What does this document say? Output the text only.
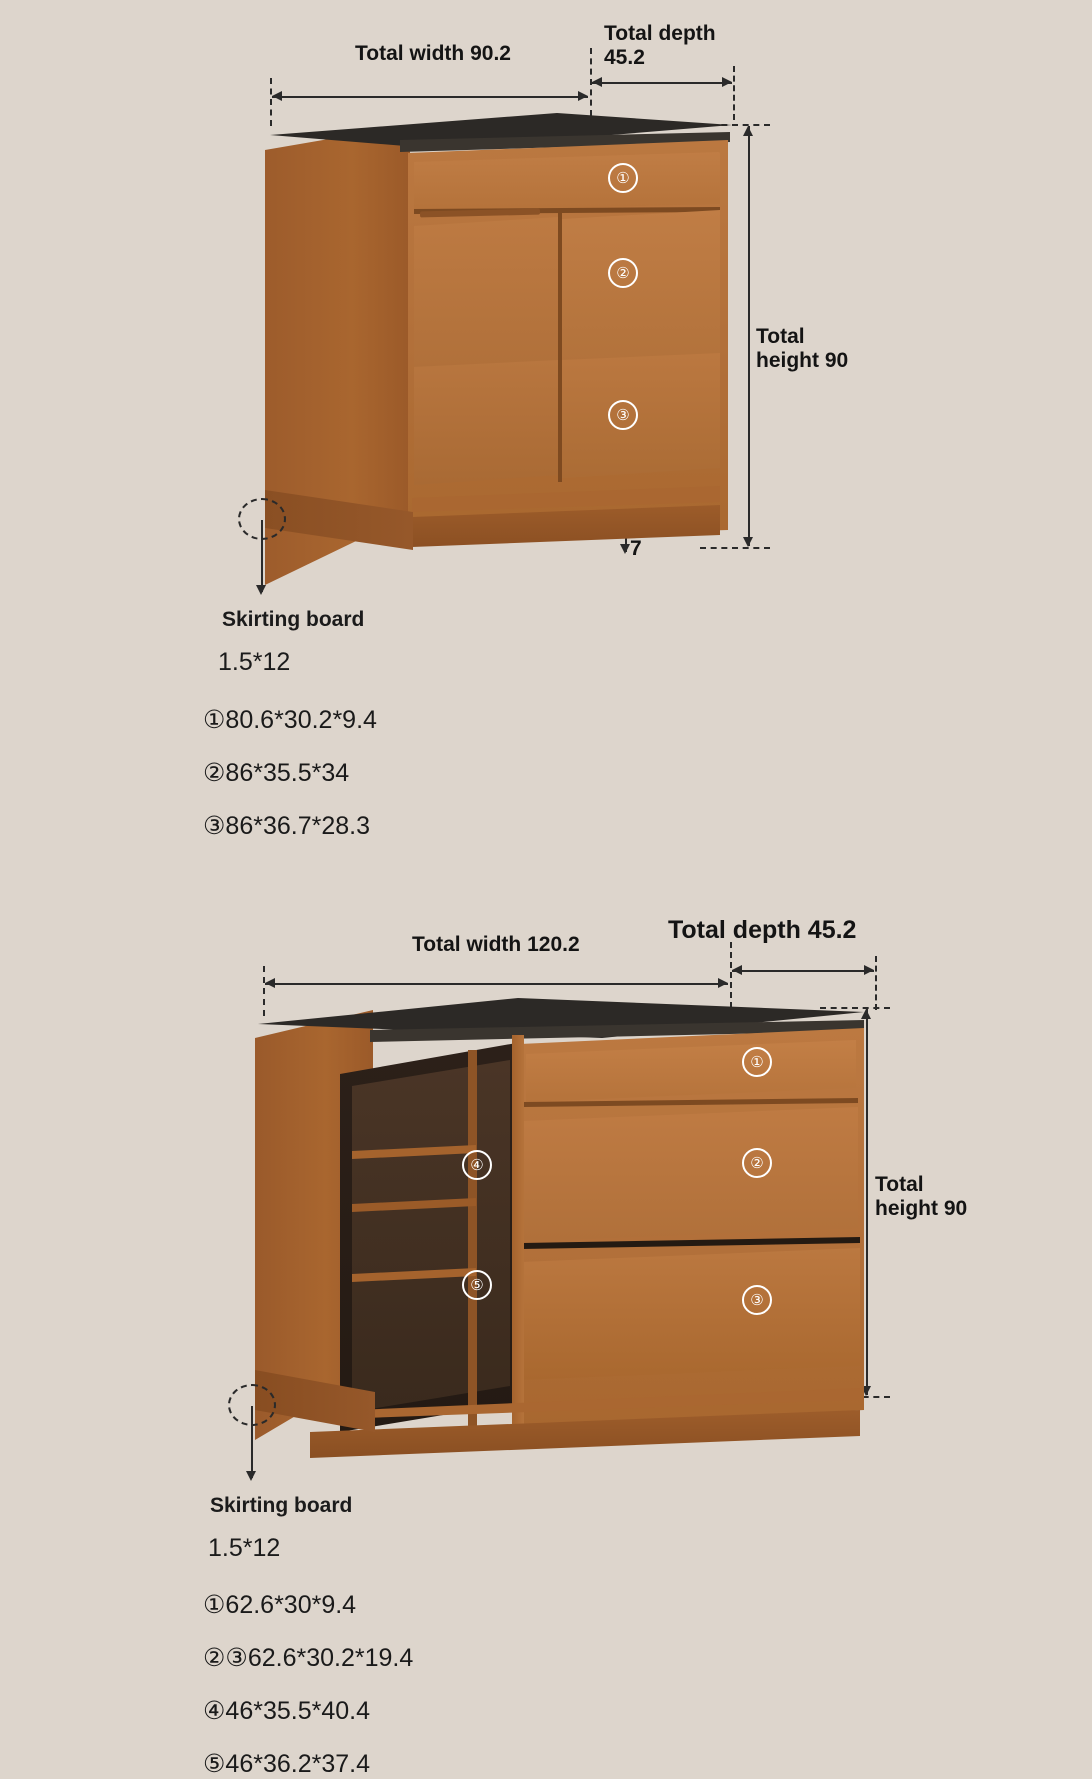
Total width 90.2
Total depth
45.2
Total
height 90
7
①
②
③
Skirting board
1.5*12
①80.6*30.2*9.4
②86*35.5*34
③86*36.7*28.3
Total width 120.2
Total depth 45.2
Total
height 90
①
②
③
④
⑤
Skirting board
1.5*12
①62.6*30*9.4
②③62.6*30.2*19.4
④46*35.5*40.4
⑤46*36.2*37.4
